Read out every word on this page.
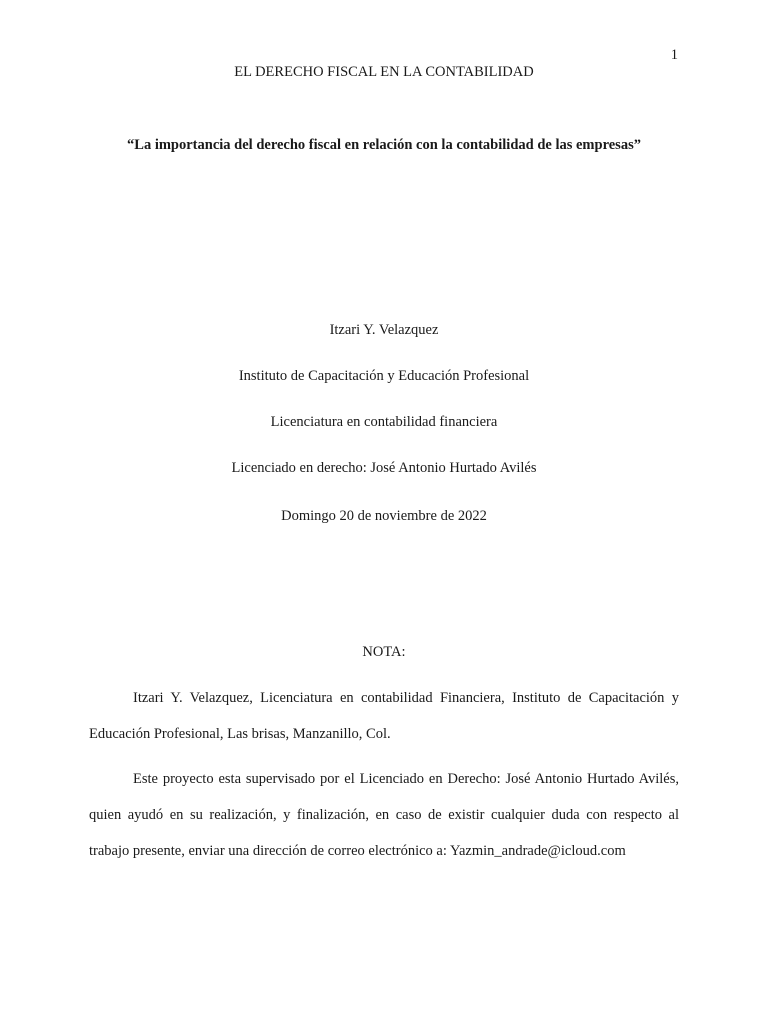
1
EL DERECHO FISCAL EN LA CONTABILIDAD
“La importancia del derecho fiscal en relación con la contabilidad de las empresas”
Itzari Y. Velazquez
Instituto de Capacitación y Educación Profesional
Licenciatura en contabilidad financiera
Licenciado en derecho: José Antonio Hurtado Avilés
Domingo 20 de noviembre de 2022
NOTA:
Itzari Y. Velazquez, Licenciatura en contabilidad Financiera, Instituto de Capacitación y Educación Profesional, Las brisas, Manzanillo, Col.
Este proyecto esta supervisado por el Licenciado en Derecho: José Antonio Hurtado Avilés, quien ayudó en su realización, y finalización, en caso de existir cualquier duda con respecto al trabajo presente, enviar una dirección de correo electrónico a: Yazmin_andrade@icloud.com
